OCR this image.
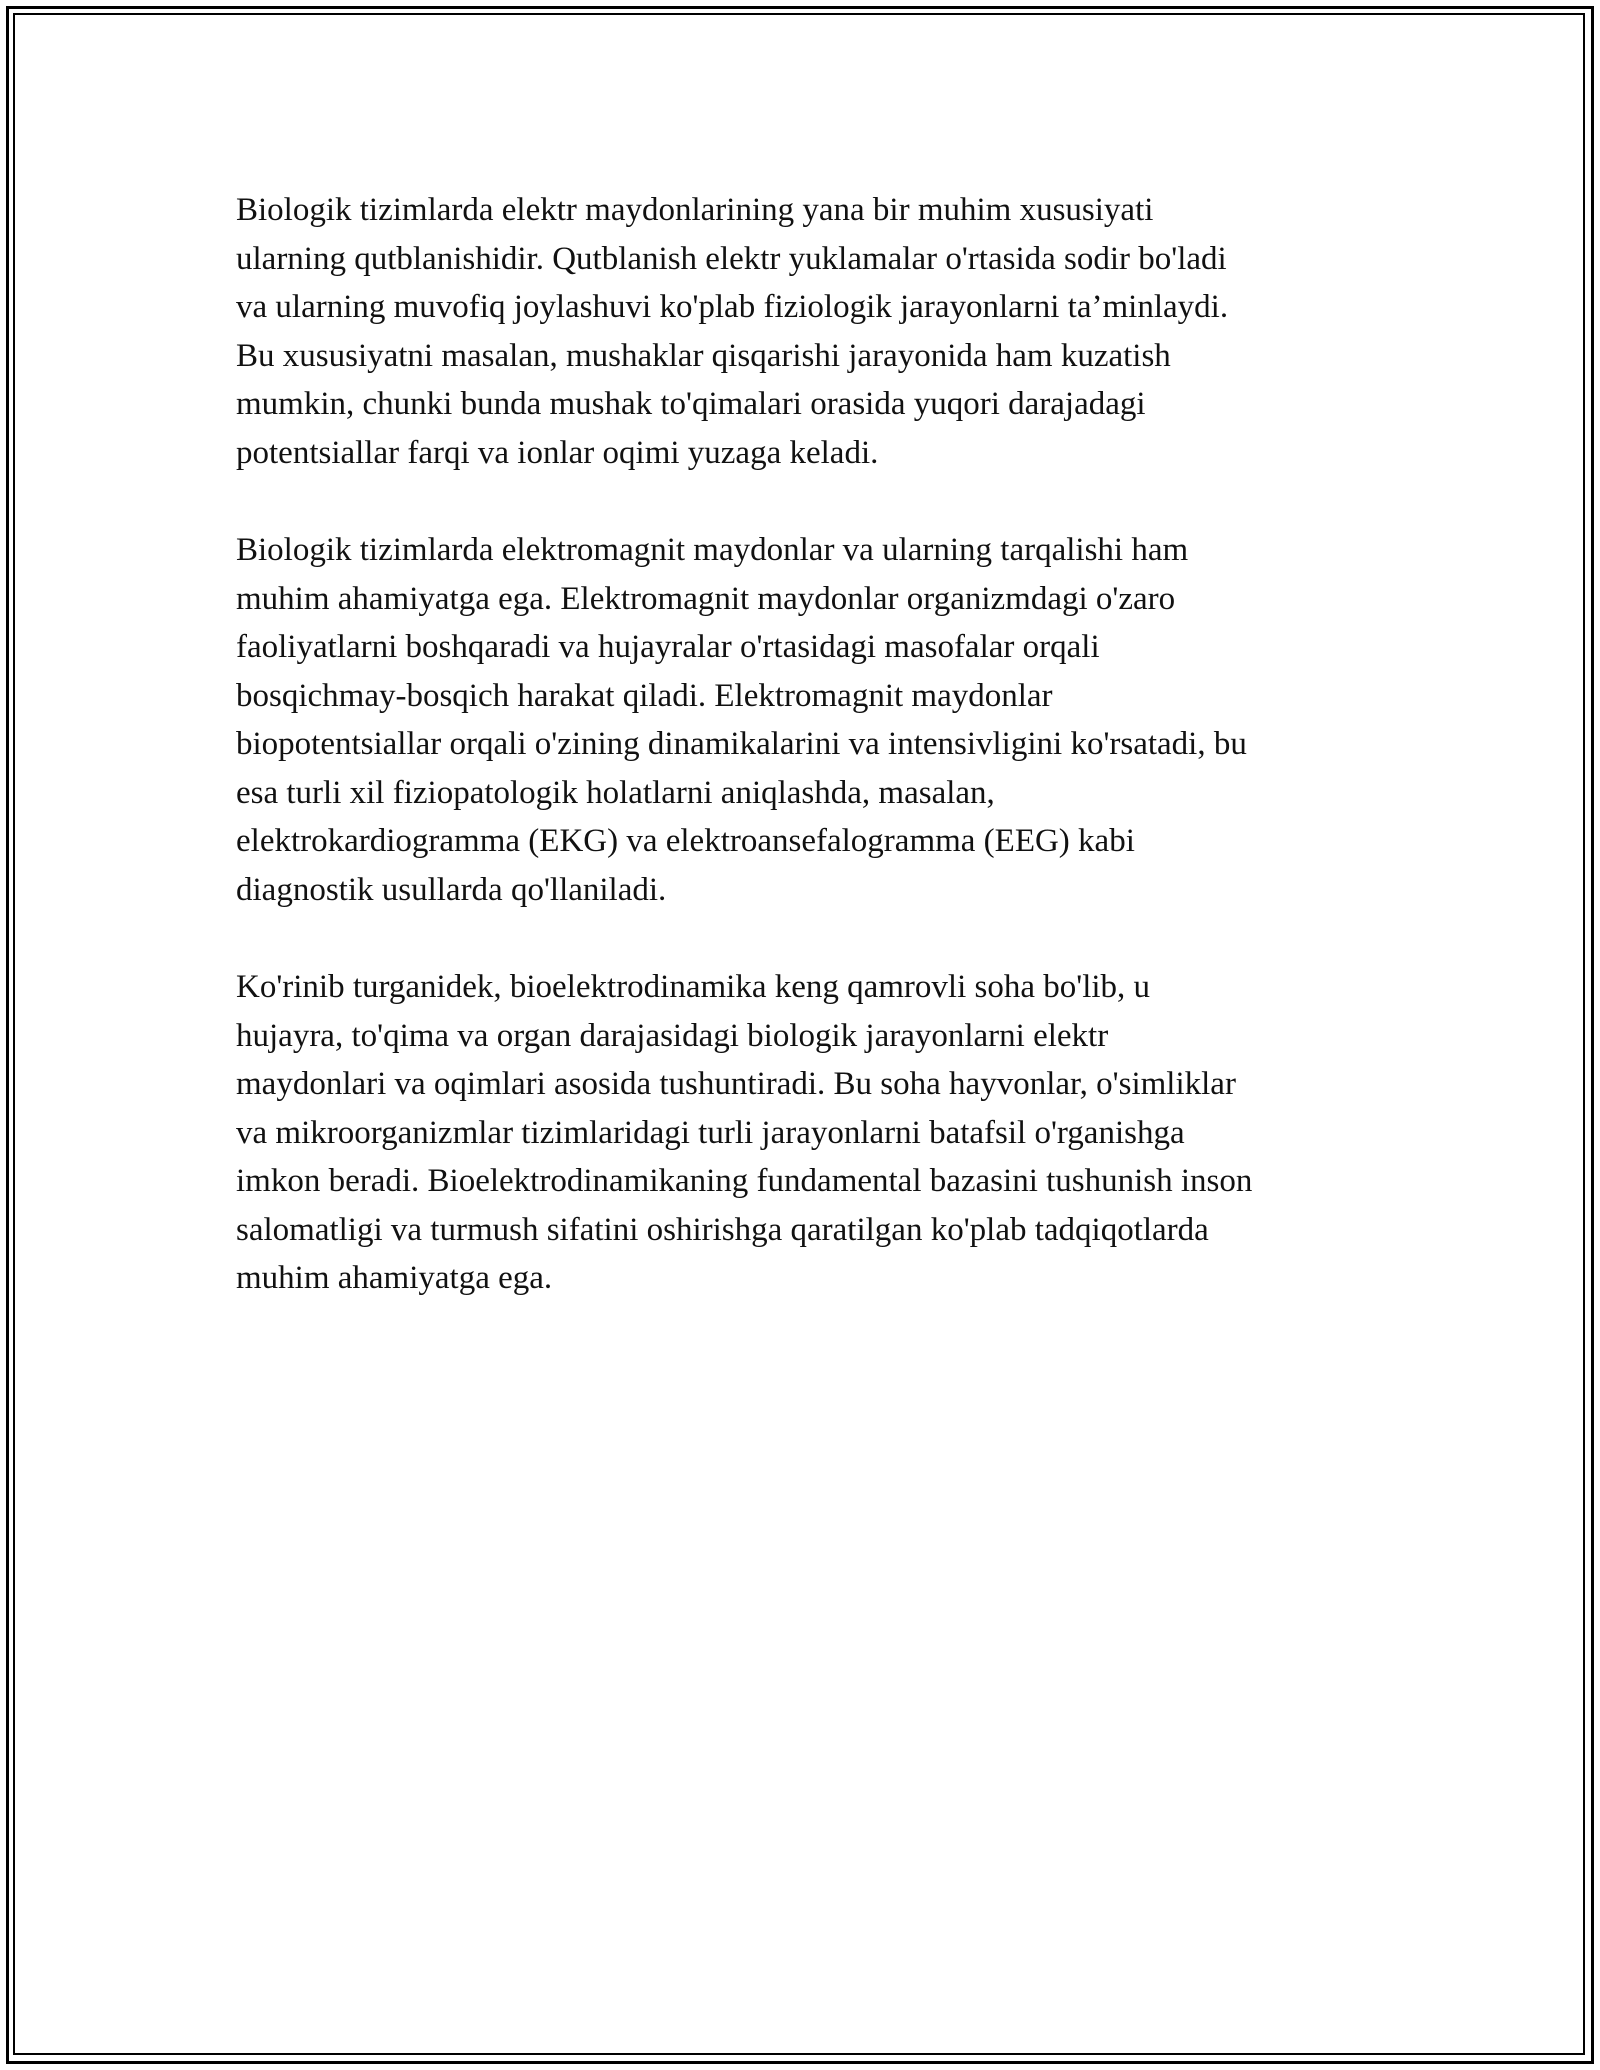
Biologik tizimlarda elektr maydonlarining yana bir muhim xususiyati
ularning qutblanishidir. Qutblanish elektr yuklamalar o'rtasida sodir bo'ladi
va ularning muvofiq joylashuvi ko'plab fiziologik jarayonlarni ta’minlaydi.
Bu xususiyatni masalan, mushaklar qisqarishi jarayonida ham kuzatish
mumkin, chunki bunda mushak to'qimalari orasida yuqori darajadagi
potentsiallar farqi va ionlar oqimi yuzaga keladi.

Biologik tizimlarda elektromagnit maydonlar va ularning tarqalishi ham
muhim ahamiyatga ega. Elektromagnit maydonlar organizmdagi o'zaro
faoliyatlarni boshqaradi va hujayralar o'rtasidagi masofalar orqali
bosqichmay-bosqich harakat qiladi. Elektromagnit maydonlar
biopotentsiallar orqali o'zining dinamikalarini va intensivligini ko'rsatadi, bu
esa turli xil fiziopatologik holatlarni aniqlashda, masalan,
elektrokardiogramma (EKG) va elektroansefalogramma (EEG) kabi
diagnostik usullarda qo'llaniladi.

Ko'rinib turganidek, bioelektrodinamika keng qamrovli soha bo'lib, u
hujayra, to'qima va organ darajasidagi biologik jarayonlarni elektr
maydonlari va oqimlari asosida tushuntiradi. Bu soha hayvonlar, o'simliklar
va mikroorganizmlar tizimlaridagi turli jarayonlarni batafsil o'rganishga
imkon beradi. Bioelektrodinamikaning fundamental bazasini tushunish inson
salomatligi va turmush sifatini oshirishga qaratilgan ko'plab tadqiqotlarda
muhim ahamiyatga ega.
